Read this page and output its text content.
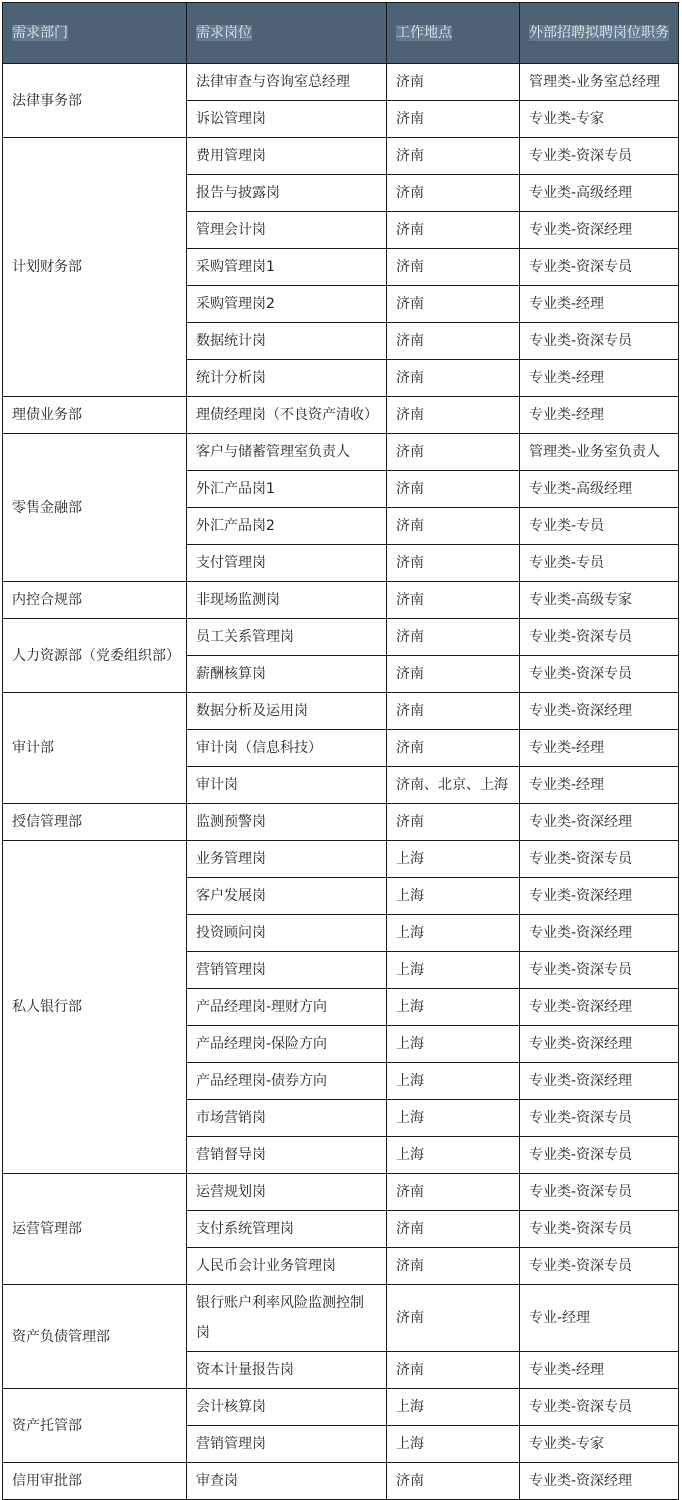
需求部门	需求岗位	工作地点	外部招聘拟聘岗位职务
法律事务部	法律审查与咨询室总经理	济南	管理类-业务室总经理
	诉讼管理岗	济南	专业类-专家
计划财务部	费用管理岗	济南	专业类-资深专员
	报告与披露岗	济南	专业类-高级经理
	管理会计岗	济南	专业类-资深经理
	采购管理岗1	济南	专业类-资深专员
	采购管理岗2	济南	专业类-经理
	数据统计岗	济南	专业类-资深专员
	统计分析岗	济南	专业类-经理
理债业务部	理债经理岗（不良资产清收）	济南	专业类-经理
零售金融部	客户与储蓄管理室负责人	济南	管理类-业务室负责人
	外汇产品岗1	济南	专业类-高级经理
	外汇产品岗2	济南	专业类-专员
	支付管理岗	济南	专业类-专员
内控合规部	非现场监测岗	济南	专业类-高级专家
人力资源部（党委组织部）	员工关系管理岗	济南	专业类-资深专员
	薪酬核算岗	济南	专业类-资深专员
审计部	数据分析及运用岗	济南	专业类-资深经理
	审计岗（信息科技）	济南	专业类-经理
	审计岗	济南、北京、上海	专业类-经理
授信管理部	监测预警岗	济南	专业类-资深经理
私人银行部	业务管理岗	上海	专业类-资深专员
	客户发展岗	上海	专业类-资深经理
	投资顾问岗	上海	专业类-资深经理
	营销管理岗	上海	专业类-资深专员
	产品经理岗-理财方向	上海	专业类-资深经理
	产品经理岗-保险方向	上海	专业类-资深经理
	产品经理岗-债券方向	上海	专业类-资深经理
	市场营销岗	上海	专业类-资深专员
	营销督导岗	上海	专业类-资深专员
运营管理部	运营规划岗	济南	专业类-资深专员
	支付系统管理岗	济南	专业类-资深专员
	人民币会计业务管理岗	济南	专业类-资深专员
资产负债管理部	银行账户利率风险监测控制岗	济南	专业-经理
	资本计量报告岗	济南	专业类-经理
资产托管部	会计核算岗	上海	专业类-资深专员
	营销管理岗	上海	专业类-专家
信用审批部	审查岗	济南	专业类-资深经理
